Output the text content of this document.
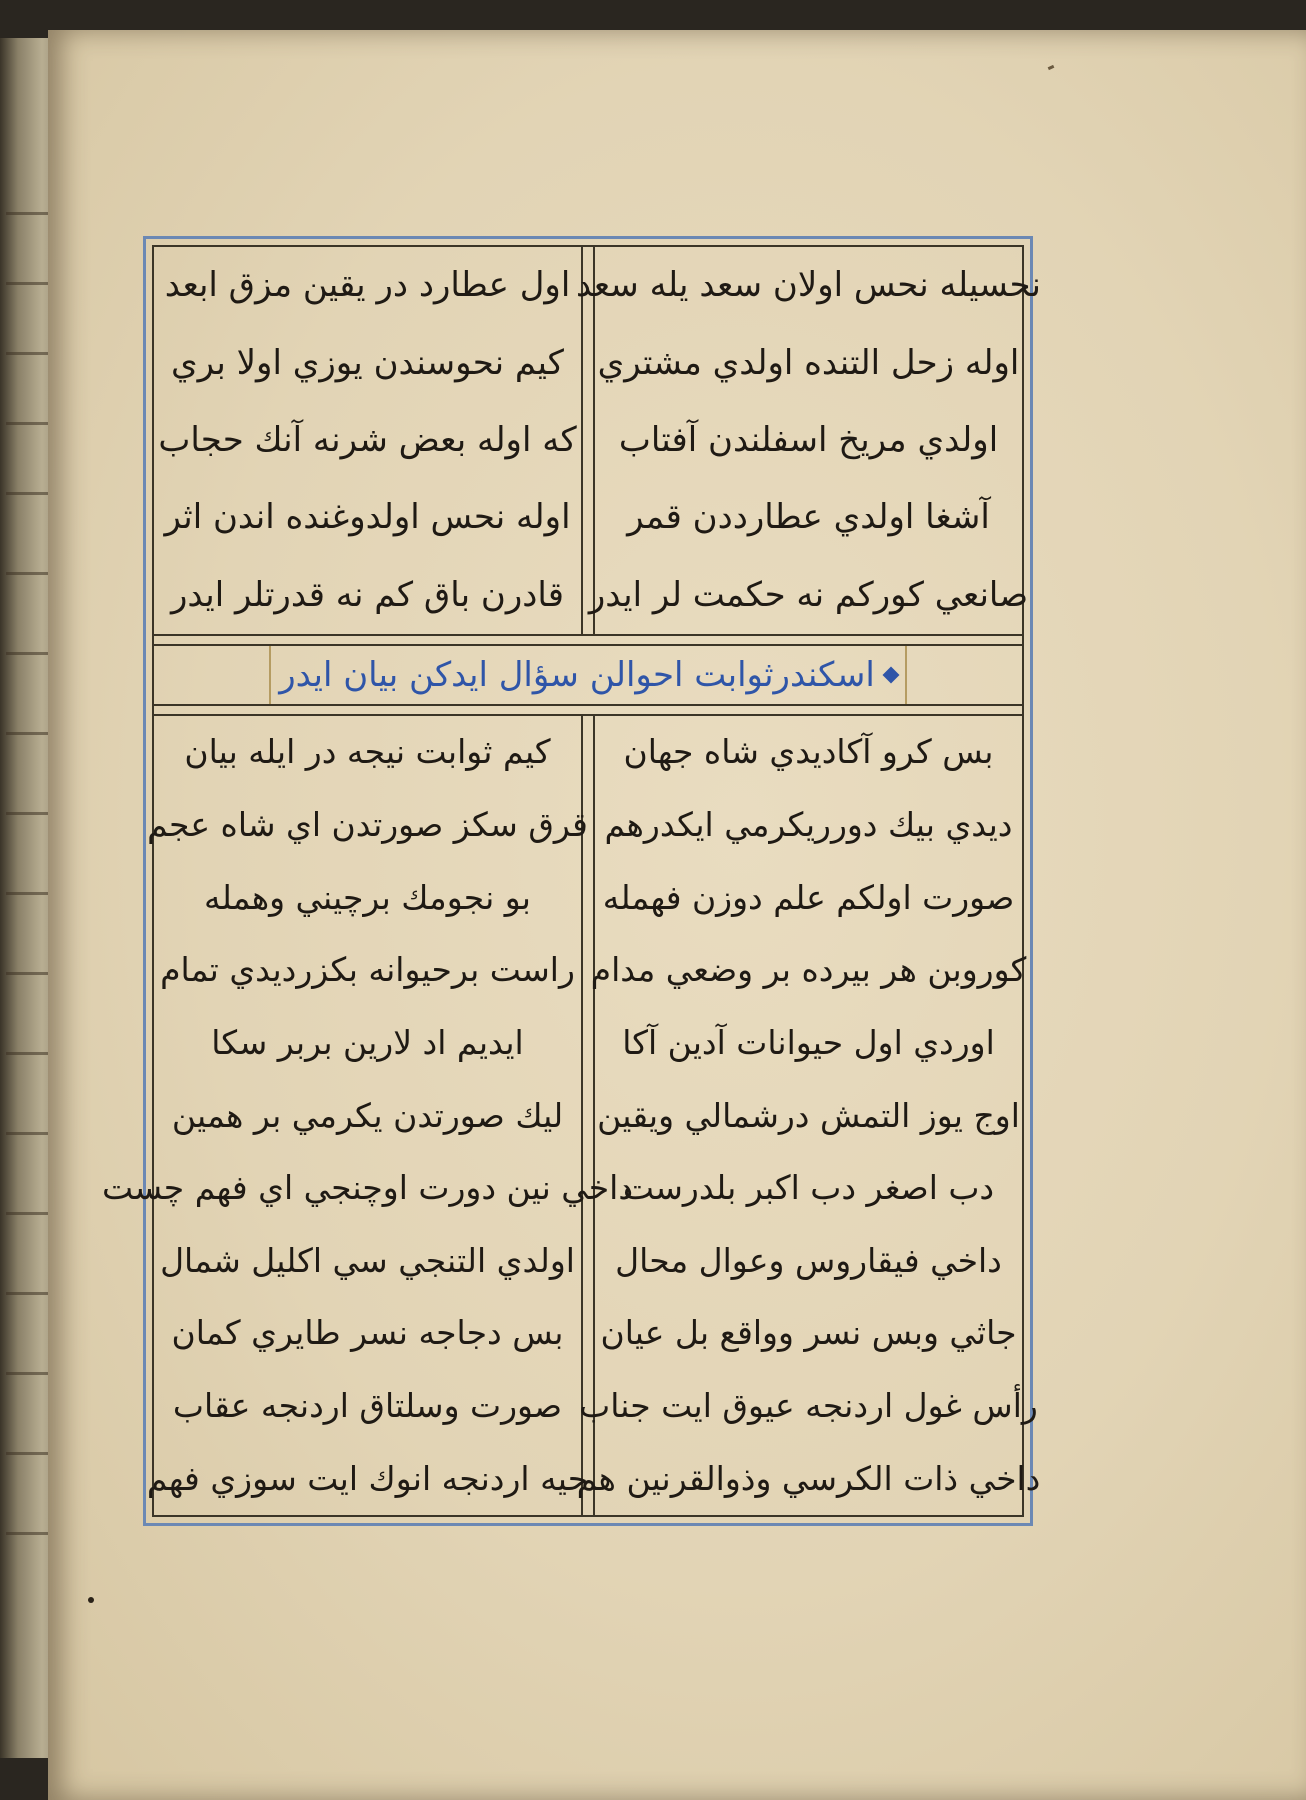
نحسيله نحس اولان سعد يله سعد
اوله زحل التنده اولدي مشتري
اولدي مريخ اسفلندن آفتاب
آشغا اولدي عطارددن قمر
صانعي كوركم نه حكمت لر ايدر
اول عطارد در يقين مزق ابعد
كيم نحوسندن يوزي اولا بري
كه اوله بعض شرنه آنك حجاب
اوله نحس اولدوغنده اندن اثر
قادرن باق كم نه قدرتلر ايدر
اسكندرثوابت احوالن سؤال ايدكن بيان ايدر
بس كرو آكاديدي شاه جهان
ديدي بيك دورريكرمي ايكدرهم
صورت اولكم علم دوزن فهمله
كوروبن هر بيرده بر وضعي مدام
اوردي اول حيوانات آدين آكا
اوج يوز التمش درشمالي ويقين
دب اصغر دب اكبر بلدرست
داخي فيقاروس وعوال محال
جاثي وبس نسر وواقع بل عيان
رأس غول اردنجه عيوق ايت جناب
داخي ذات الكرسي وذوالقرنين هم
كيم ثوابت نيجه در ايله بيان
قرق سكز صورتدن اي شاه عجم
بو نجومك برچيني وهمله
راست برحيوانه بكزرديدي تمام
ايديم اد لارين بربر سكا
ليك صورتدن يكرمي بر همين
داخي نين دورت اوچنجي اي فهم چست
اولدي التنجي سي اكليل شمال
بس دجاجه نسر طايري كمان
صورت وسلتاق اردنجه عقاب
حيه اردنجه انوك ايت سوزي فهم
